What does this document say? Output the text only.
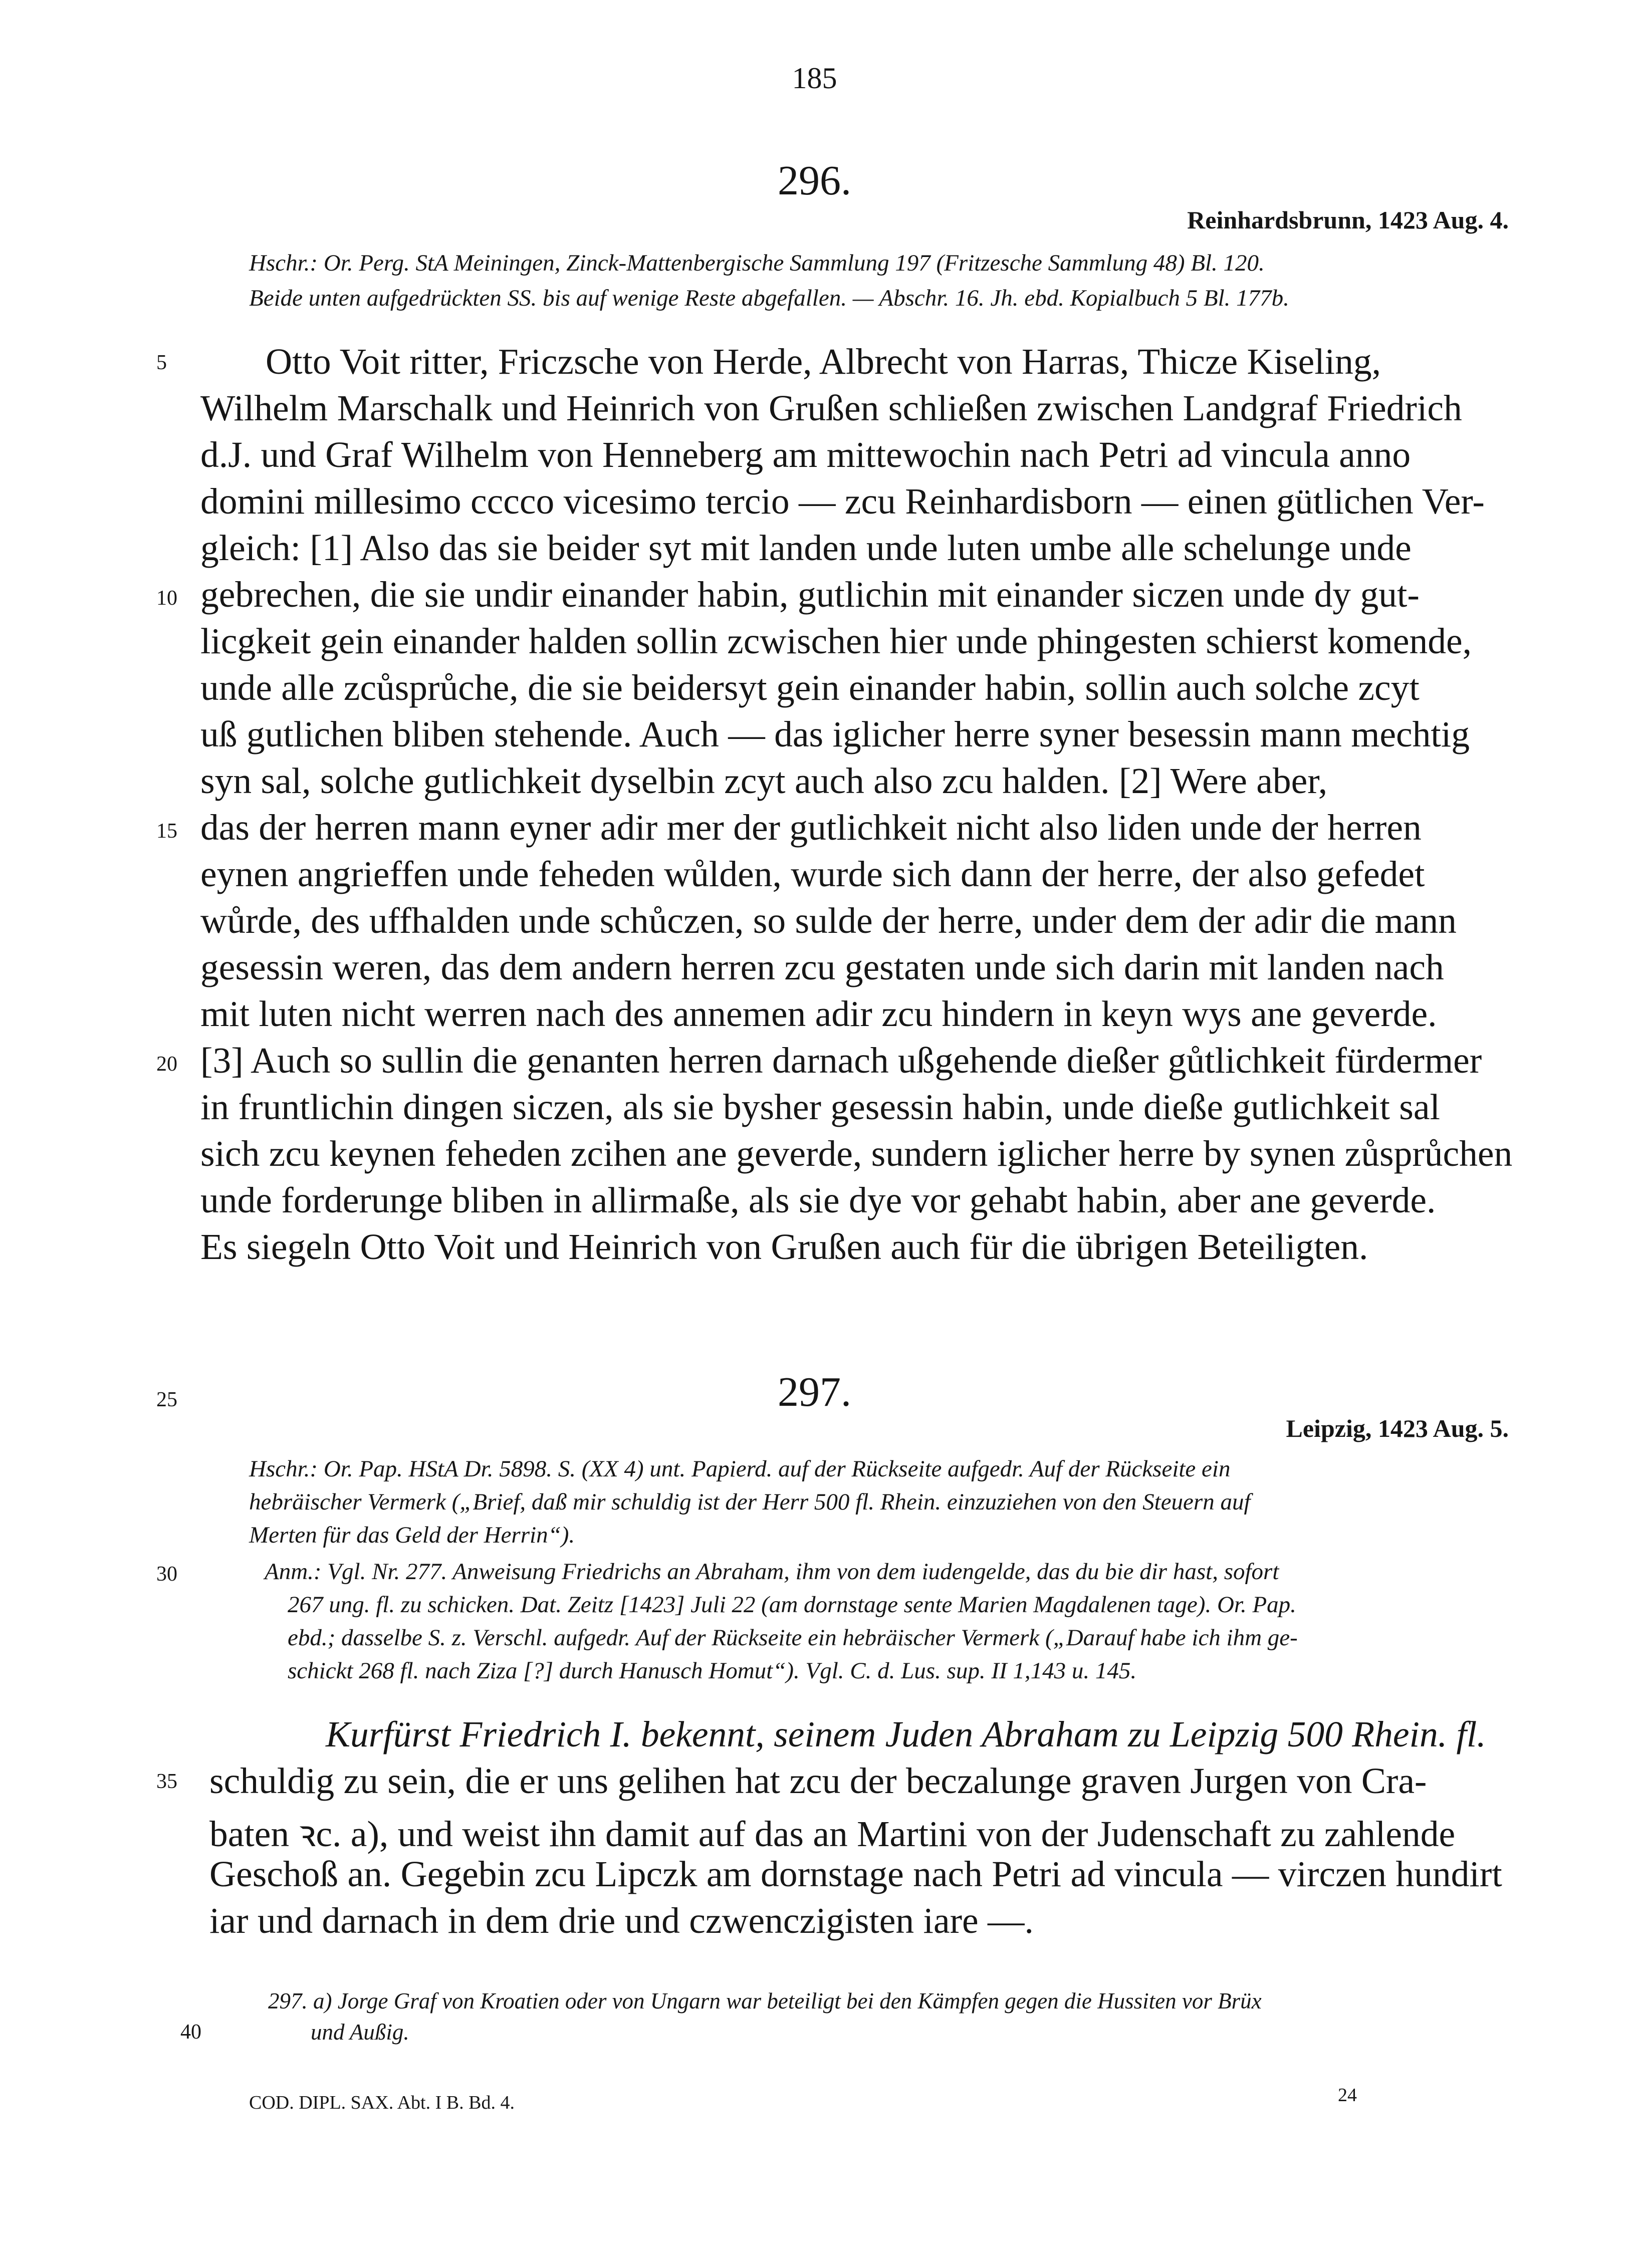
185
296.
Reinhardsbrunn, 1423 Aug. 4.
Hschr.: Or. Perg. StA Meiningen, Zinck-Mattenbergische Sammlung 197 (Fritzesche Sammlung 48) Bl. 120.
Beide unten aufgedrückten SS. bis auf wenige Reste abgefallen. — Abschr. 16. Jh. ebd. Kopialbuch 5 Bl. 177b.
5	Otto Voit ritter, Friczsche von Herde, Albrecht von Harras, Thicze Kiseling,
Wilhelm Marschalk und Heinrich von Grußen schließen zwischen Landgraf Friedrich
d.J. und Graf Wilhelm von Henneberg am mittewochin nach Petri ad vincula anno
domini millesimo cccco vicesimo tercio — zcu Reinhardisborn — einen gütlichen Ver-
gleich: [1] Also das sie beider syt mit landen unde luten umbe alle schelunge unde
10 gebrechen, die sie undir einander habin, gutlichin mit einander siczen unde dy gut-
licgkeit gein einander halden sollin zcwischen hier unde phingesten schierst komende,
unde alle zcůsprůche, die sie beidersyt gein einander habin, sollin auch solche zcyt
uß gutlichen bliben stehende. Auch — das iglicher herre syner besessin mann mechtig
syn sal, solche gutlichkeit dyselbin zcyt auch also zcu halden. [2] Were aber,
15 das der herren mann eyner adir mer der gutlichkeit nicht also liden unde der herren
eynen angrieffen unde feheden wůlden, wurde sich dann der herre, der also gefedet
wůrde, des uffhalden unde schůczen, so sulde der herre, under dem der adir die mann
gesessin weren, das dem andern herren zcu gestaten unde sich darin mit landen nach
mit luten nicht werren nach des annemen adir zcu hindern in keyn wys ane geverde.
20 [3] Auch so sullin die genanten herren darnach ußgehende dießer gůtlichkeit fürdermer
in fruntlichin dingen siczen, als sie bysher gesessin habin, unde dieße gutlichkeit sal
sich zcu keynen feheden zcihen ane geverde, sundern iglicher herre by synen zůsprůchen
unde forderunge bliben in allirmaße, als sie dye vor gehabt habin, aber ane geverde.
Es siegeln Otto Voit und Heinrich von Grußen auch für die übrigen Beteiligten.
25	297.
Leipzig, 1423 Aug. 5.
Hschr.: Or. Pap. HStA Dr. 5898. S. (XX 4) unt. Papierd. auf der Rückseite aufgedr. Auf der Rückseite ein
hebräischer Vermerk („Brief, daß mir schuldig ist der Herr 500 fl. Rhein. einzuziehen von den Steuern auf
Merten für das Geld der Herrin“).
30	Anm.: Vgl. Nr. 277. Anweisung Friedrichs an Abraham, ihm von dem iudengelde, das du bie dir hast, sofort
267 ung. fl. zu schicken. Dat. Zeitz [1423] Juli 22 (am dornstage sente Marien Magdalenen tage). Or. Pap.
ebd.; dasselbe S. z. Verschl. aufgedr. Auf der Rückseite ein hebräischer Vermerk („Darauf habe ich ihm ge-
schickt 268 fl. nach Ziza [?] durch Hanusch Homut“). Vgl. C. d. Lus. sup. II 1,143 u. 145.
Kurfürst Friedrich I. bekennt, seinem Juden Abraham zu Leipzig 500 Rhein. fl.
35 schuldig zu sein, die er uns gelihen hat zcu der beczalunge graven Jurgen von Cra-
baten ꝛc. a), und weist ihn damit auf das an Martini von der Judenschaft zu zahlende
Geschoß an. Gegebin zcu Lipczk am dornstage nach Petri ad vincula — virczen hundirt
iar und darnach in dem drie und czwenczigisten iare —.
297. a) Jorge Graf von Kroatien oder von Ungarn war beteiligt bei den Kämpfen gegen die Hussiten vor Brüx
40	und Außig.
COD. DIPL. SAX. Abt. I B. Bd. 4.	24
